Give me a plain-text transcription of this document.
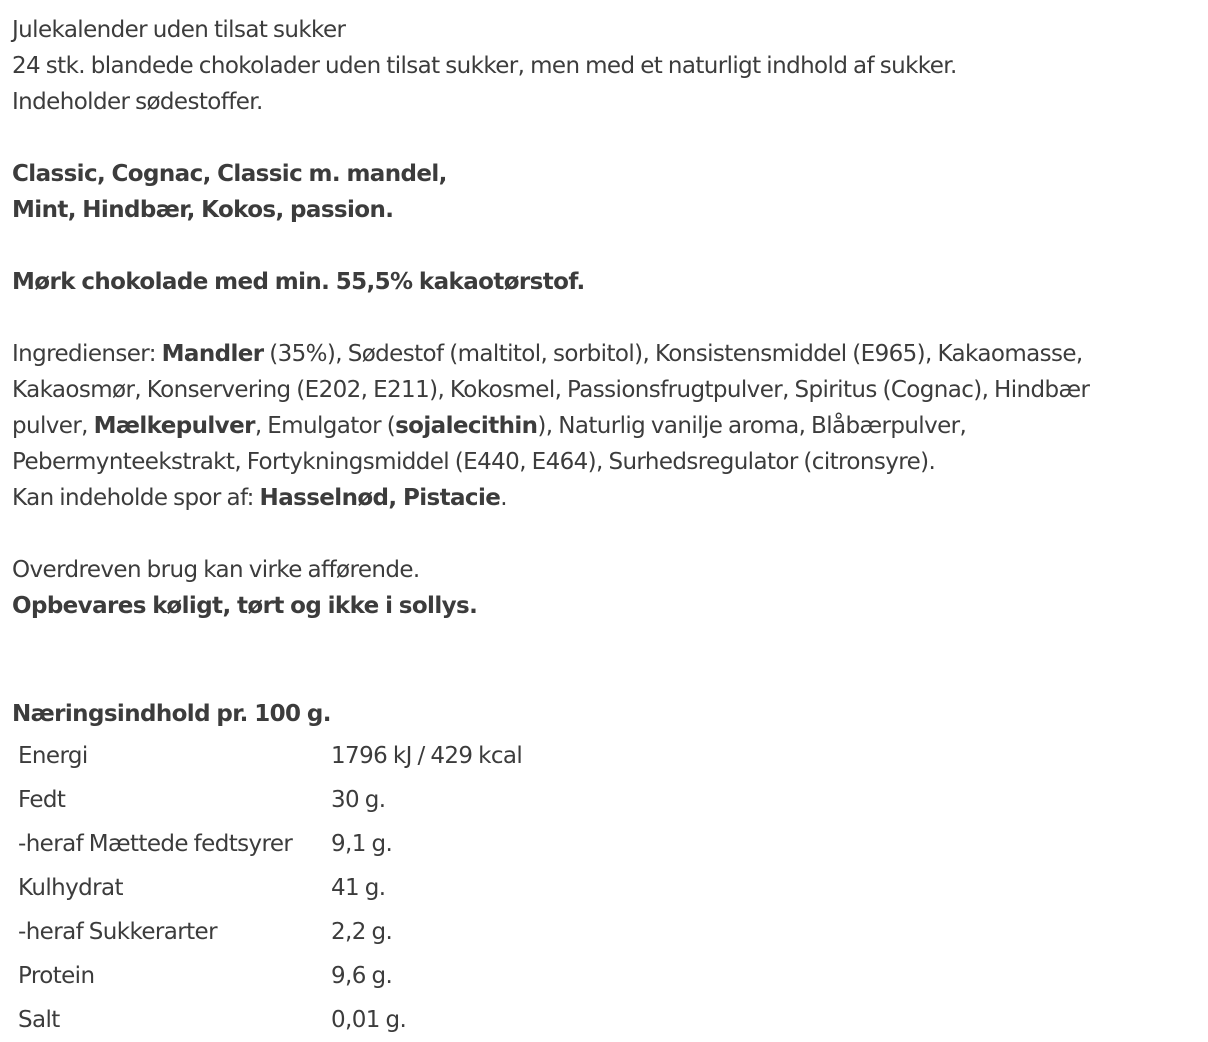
Julekalender uden tilsat sukker
24 stk. blandede chokolader uden tilsat sukker, men med et naturligt indhold af sukker.
Indeholder sødestoffer.
Classic, Cognac, Classic m. mandel,
Mint, Hindbær, Kokos, passion.
Mørk chokolade med min. 55,5% kakaotørstof.
Ingredienser: Mandler (35%), Sødestof (maltitol, sorbitol), Konsistensmiddel (E965), Kakaomasse,
Kakaosmør, Konservering (E202, E211), Kokosmel, Passionsfrugtpulver, Spiritus (Cognac), Hindbær
pulver, Mælkepulver, Emulgator (sojalecithin), Naturlig vanilje aroma, Blåbærpulver,
Pebermynteekstrakt, Fortykningsmiddel (E440, E464), Surhedsregulator (citronsyre).
Kan indeholde spor af: Hasselnød, Pistacie.
Overdreven brug kan virke afførende.
Opbevares køligt, tørt og ikke i sollys.
Næringsindhold pr. 100 g.
Energi	1796 kJ / 429 kcal
Fedt	30 g.
-heraf Mættede fedtsyrer	9,1 g.
Kulhydrat	41 g.
-heraf Sukkerarter	2,2 g.
Protein	9,6 g.
Salt	0,01 g.
